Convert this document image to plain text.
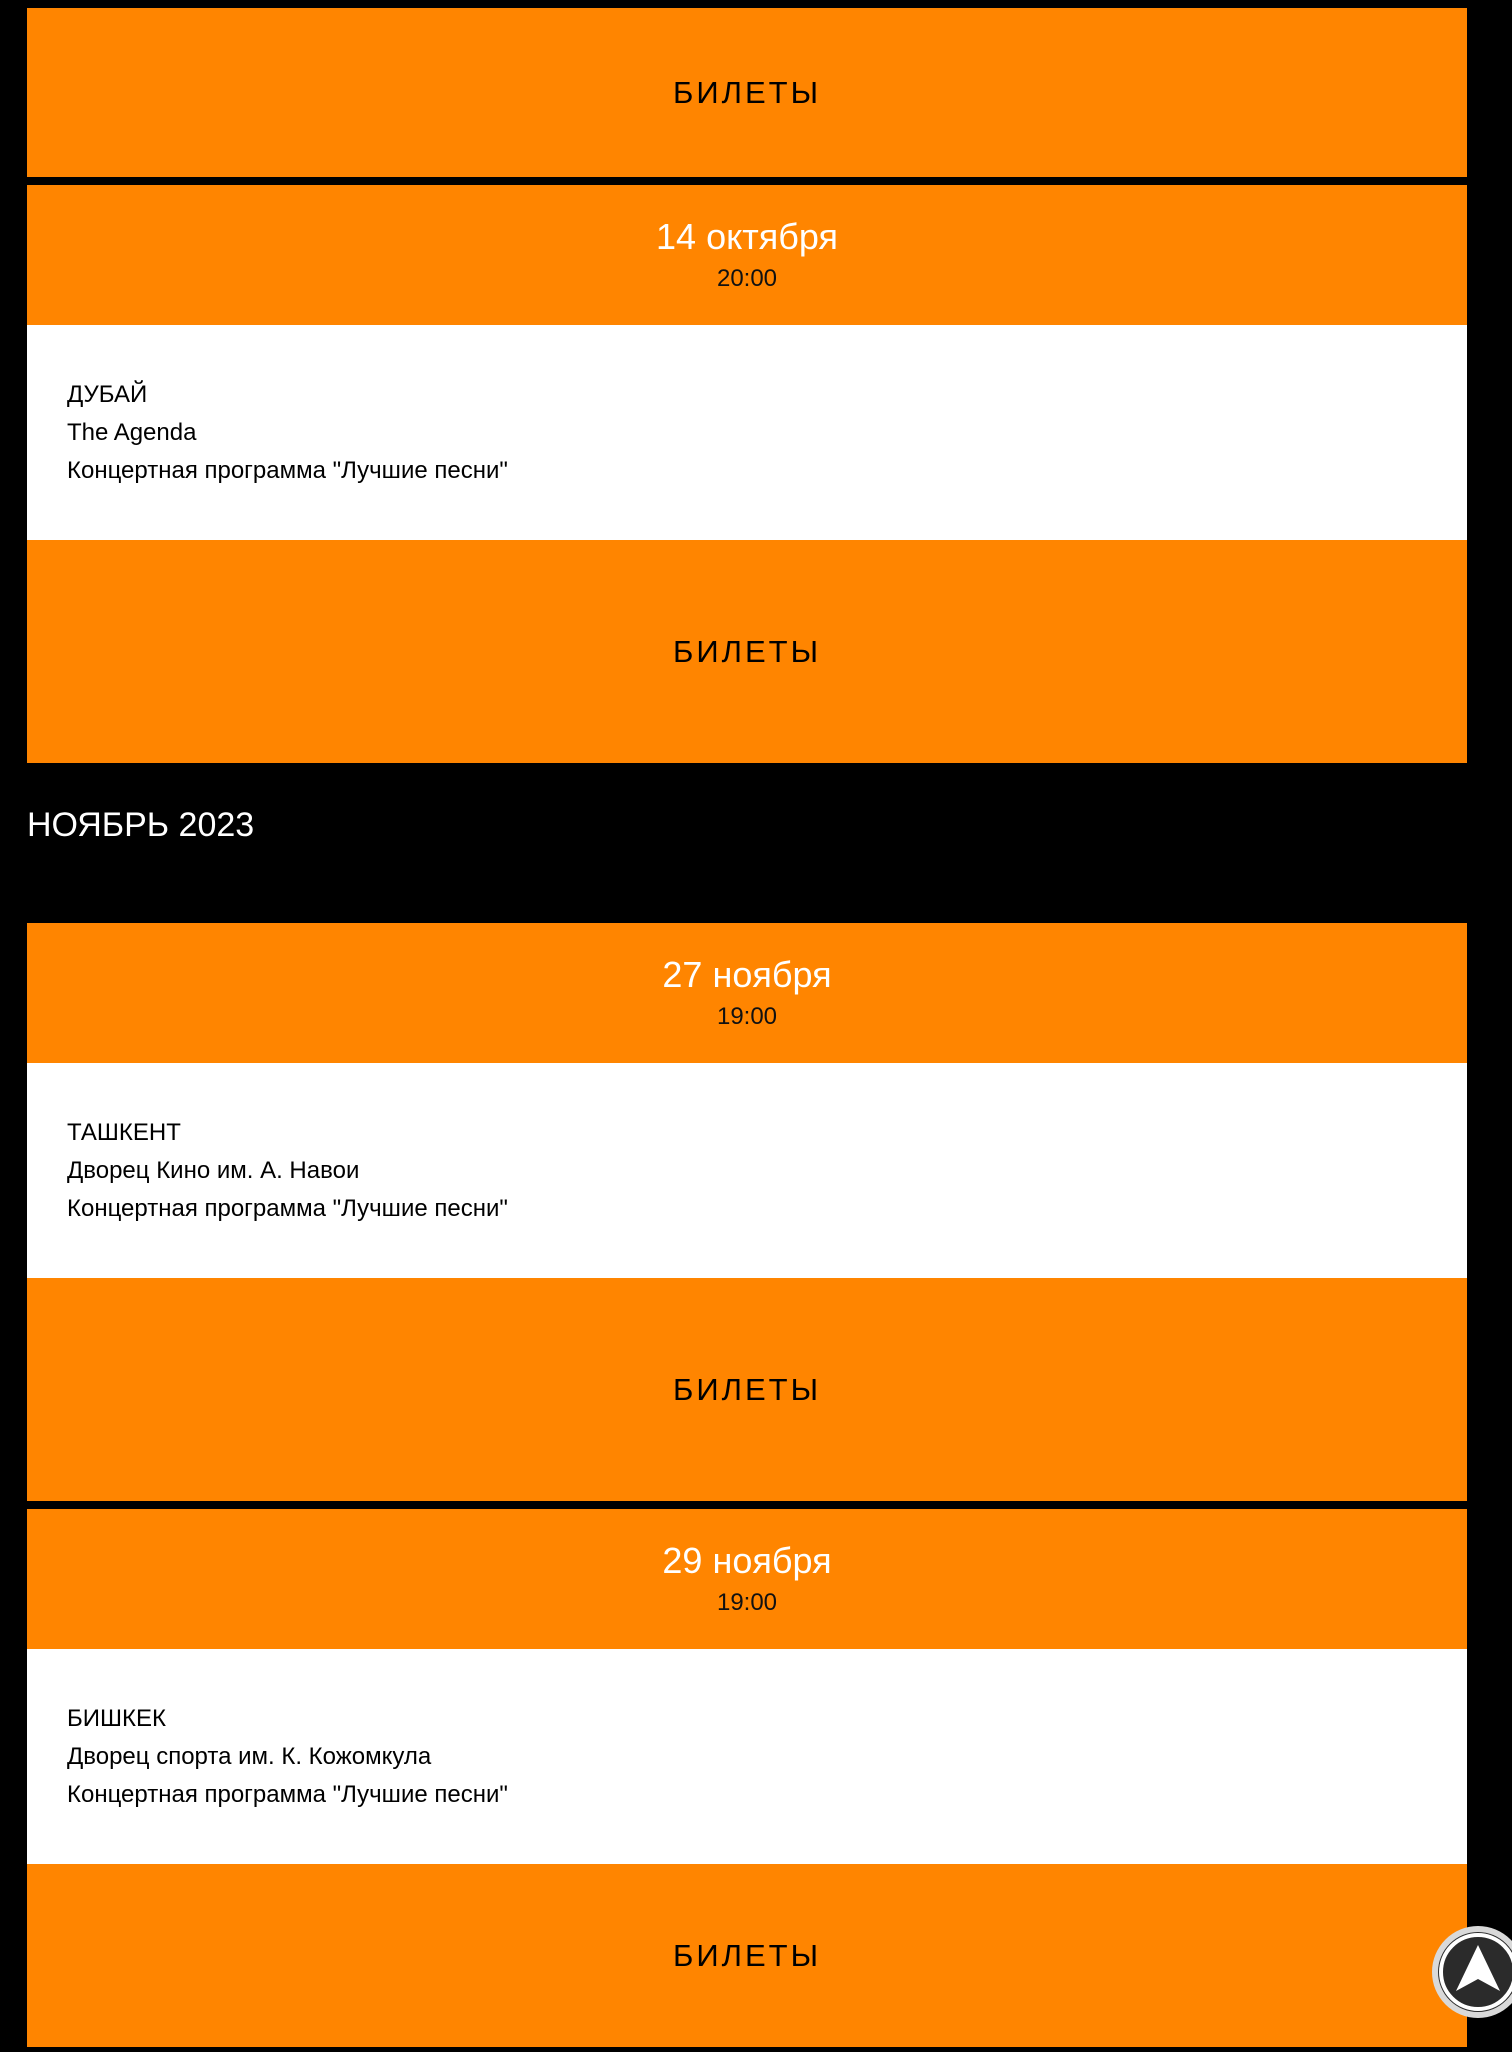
БИЛЕТЫ
14 октября
20:00
ДУБАЙ
The Agenda
Концертная программа "Лучшие песни"
БИЛЕТЫ
НОЯБРЬ 2023
27 ноября
19:00
ТАШКЕНТ
Дворец Кино им. А. Навои
Концертная программа "Лучшие песни"
БИЛЕТЫ
29 ноября
19:00
БИШКЕК
Дворец спорта им. К. Кожомкула
Концертная программа "Лучшие песни"
БИЛЕТЫ
